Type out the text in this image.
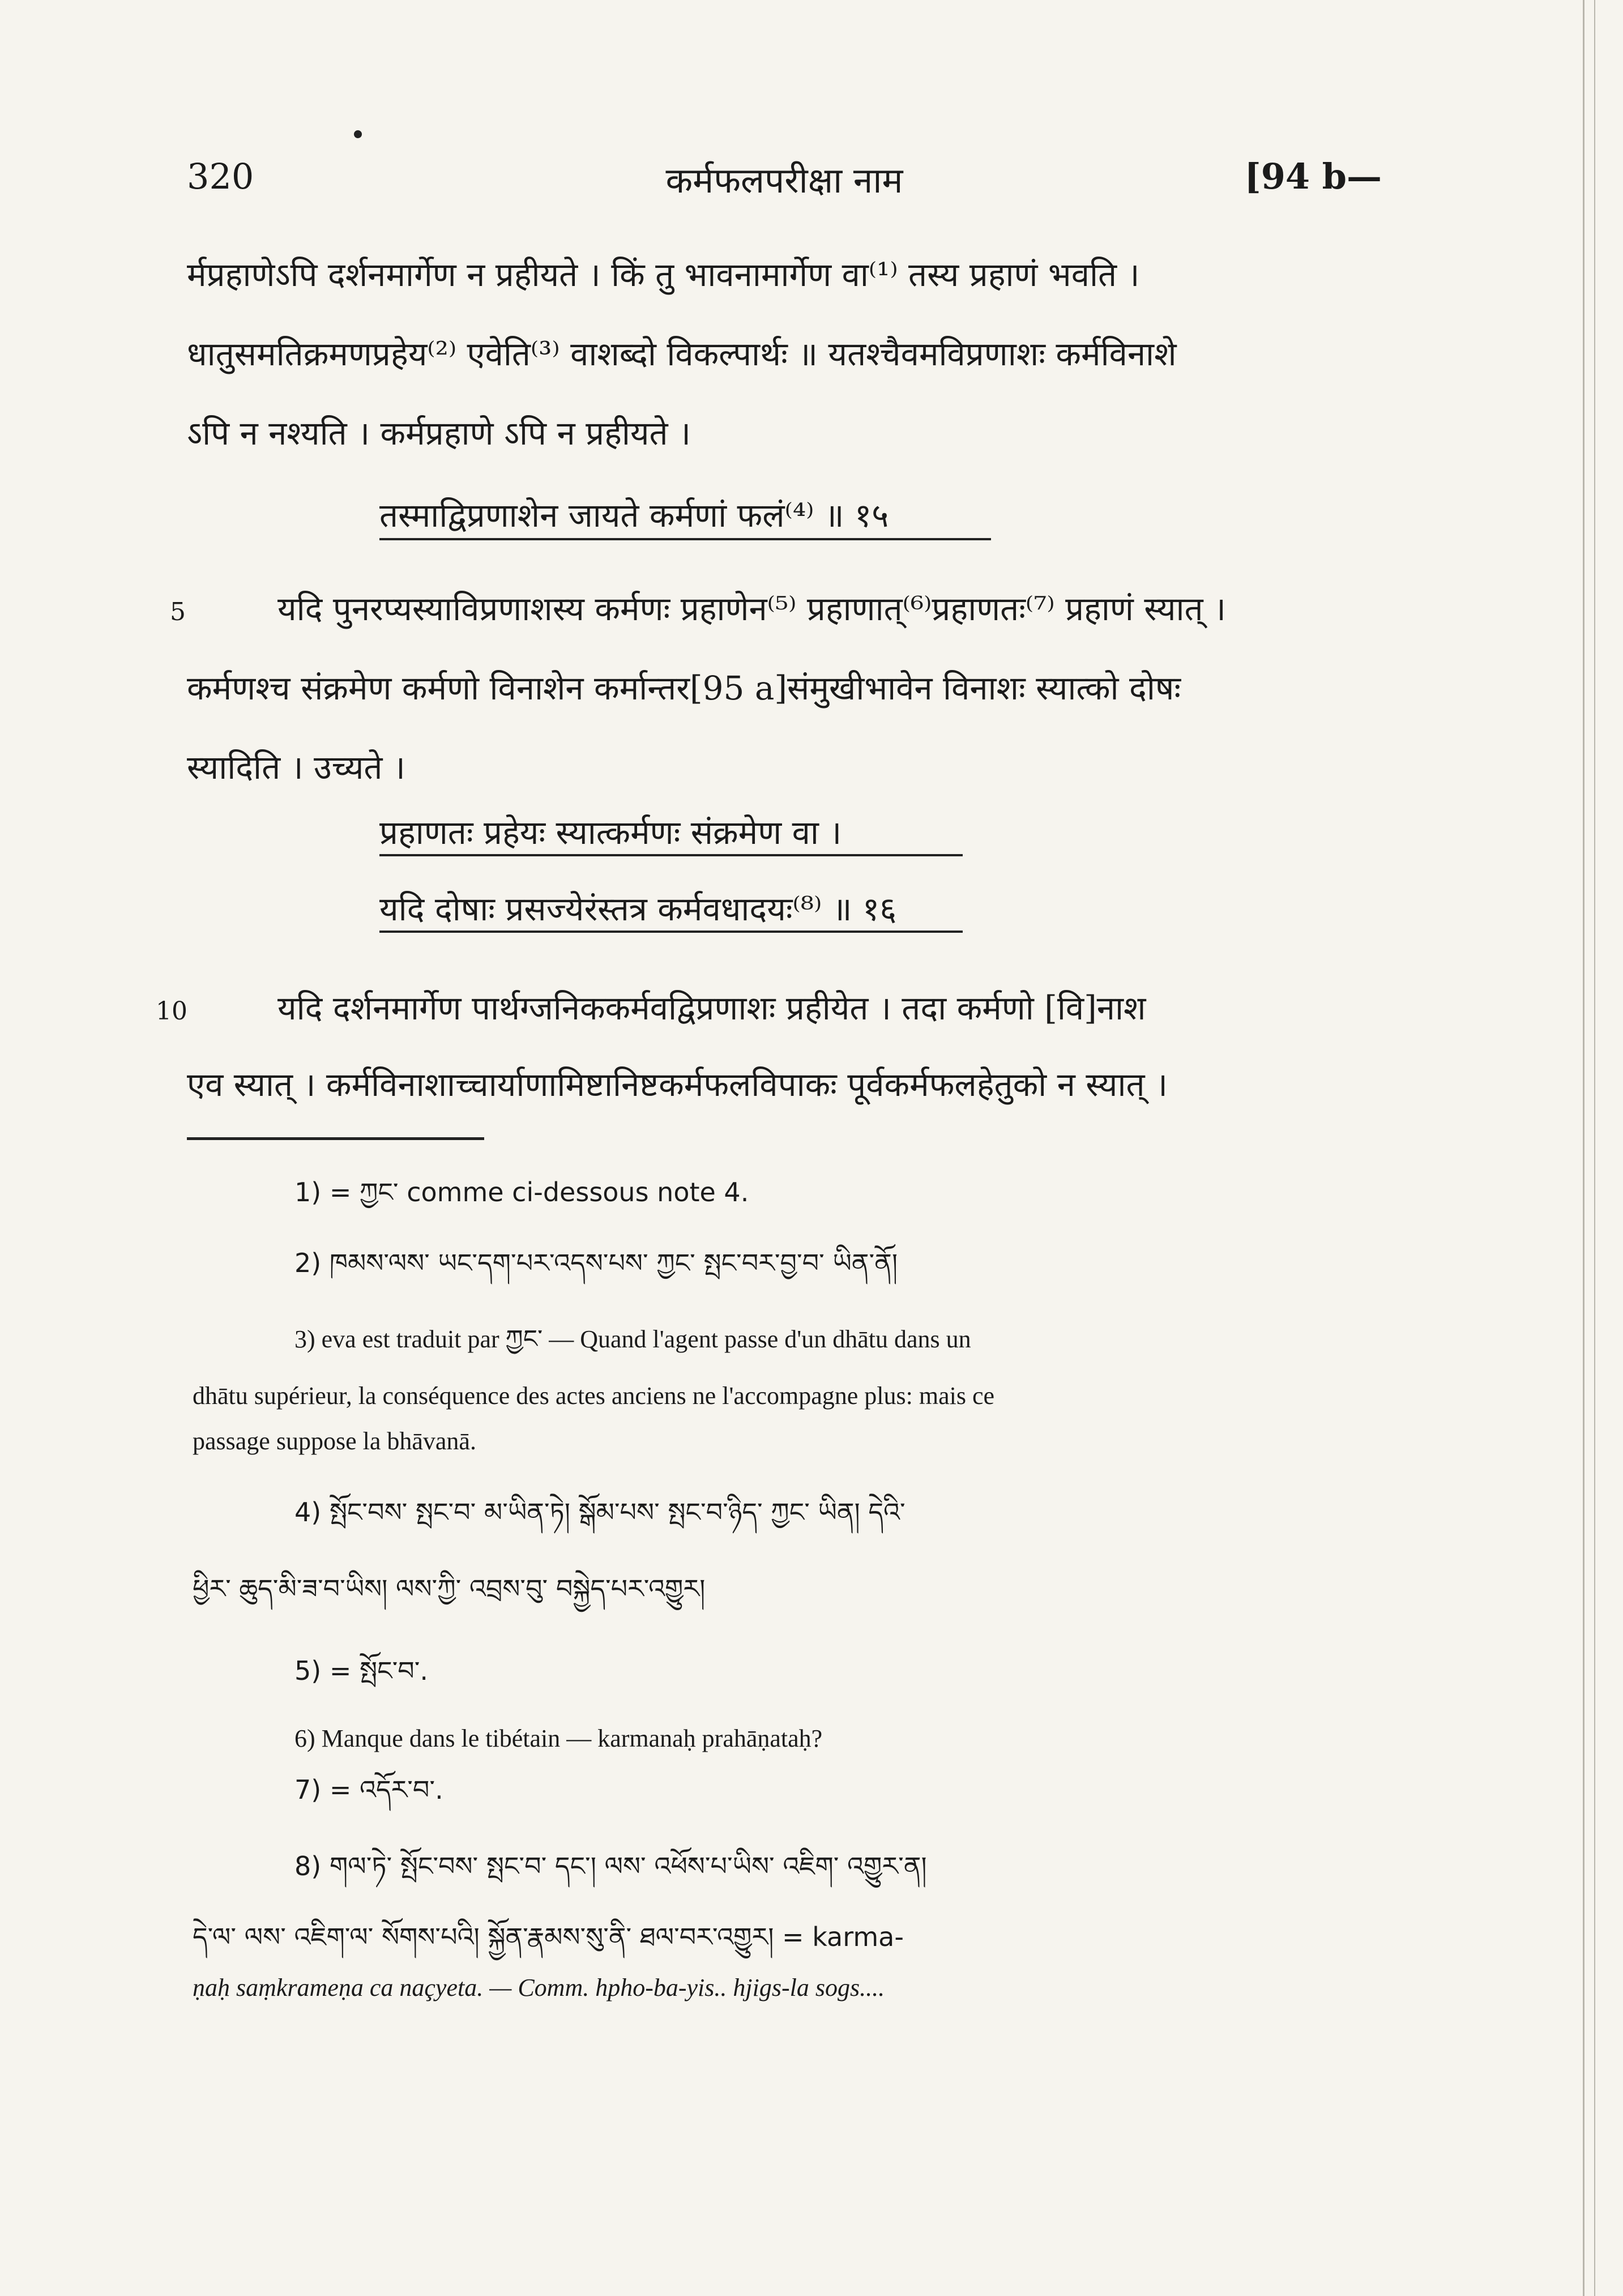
320	कर्मफलपरीक्षा नाम	[94 b—
र्मप्रहाणेऽपि दर्शनमार्गेण न प्रहीयते । किं तु भावनामार्गेण वा⁽¹⁾ तस्य प्रहाणं भवति ।
धातुसमतिक्रमणप्रहेय⁽²⁾ एवेति⁽³⁾ वाशब्दो विकल्पार्थः ॥ यतश्चैवमविप्रणाशः कर्मविनाशे
ऽपि न नश्यति । कर्मप्रहाणे ऽपि न प्रहीयते ।
तस्माद्विप्रणाशेन जायते कर्मणां फलं⁽⁴⁾ ॥ १५
5	यदि पुनरप्यस्याविप्रणाशस्य कर्मणः प्रहाणेन⁽⁵⁾ प्रहाणात्⁽⁶⁾प्रहाणतः⁽⁷⁾ प्रहाणं स्यात् ।
कर्मणश्च संक्रमेण कर्मणो विनाशेन कर्मान्तर[95 a]संमुखीभावेन विनाशः स्यात्को दोषः
स्यादिति । उच्यते ।
प्रहाणतः प्रहेयः स्यात्कर्मणः संक्रमेण वा ।
यदि दोषाः प्रसज्येरंस्तत्र कर्मवधादयः⁽⁸⁾ ॥ १६
10	यदि दर्शनमार्गेण पार्थग्जनिककर्मवद्विप्रणाशः प्रहीयेत । तदा कर्मणो [वि]नाश
एव स्यात् । कर्मविनाशाच्चार्याणामिष्टानिष्टकर्मफलविपाकः पूर्वकर्मफलहेतुको न स्यात् ।
1) = ཀྱང་ comme ci-dessous note 4.
2) ཁམས་ལས་ ཡང་དག་པར་འདས་པས་ ཀྱང་ སྤང་བར་བྱ་བ་ ཡིན་ནོ།
3) eva est traduit par ཀྱང་ — Quand l'agent passe d'un dhātu dans un
dhātu supérieur, la conséquence des actes anciens ne l'accompagne plus: mais ce
passage suppose la bhāvanā.
4) སྤོང་བས་ སྤང་བ་ མ་ཡིན་ཏེ། སྒོམ་པས་ སྤང་བ་ཉིད་ ཀྱང་ ཡིན། དེའི་
ཕྱིར་ ཆུད་མི་ཟ་བ་ཡིས། ལས་ཀྱི་ འབྲས་བུ་ བསྐྱེད་པར་འགྱུར།
5) = སྤོང་བ་.
6) Manque dans le tibétain — karmanaḥ prahāṇataḥ?
7) = འདོར་བ་.
8) གལ་ཏེ་ སྤོང་བས་ སྤང་བ་ དང་། ལས་ འཕོས་པ་ཡིས་ འཇིག་ འགྱུར་ན།
དེ་ལ་ ལས་ འཇིག་ལ་ སོགས་པའི། སྐྱོན་རྣམས་སུ་ནི་ ཐལ་བར་འགྱུར། = karma-
ṇaḥ saṃkrameṇa ca naçyeta. — Comm. hpho-ba-yis.. hjigs-la sogs....
